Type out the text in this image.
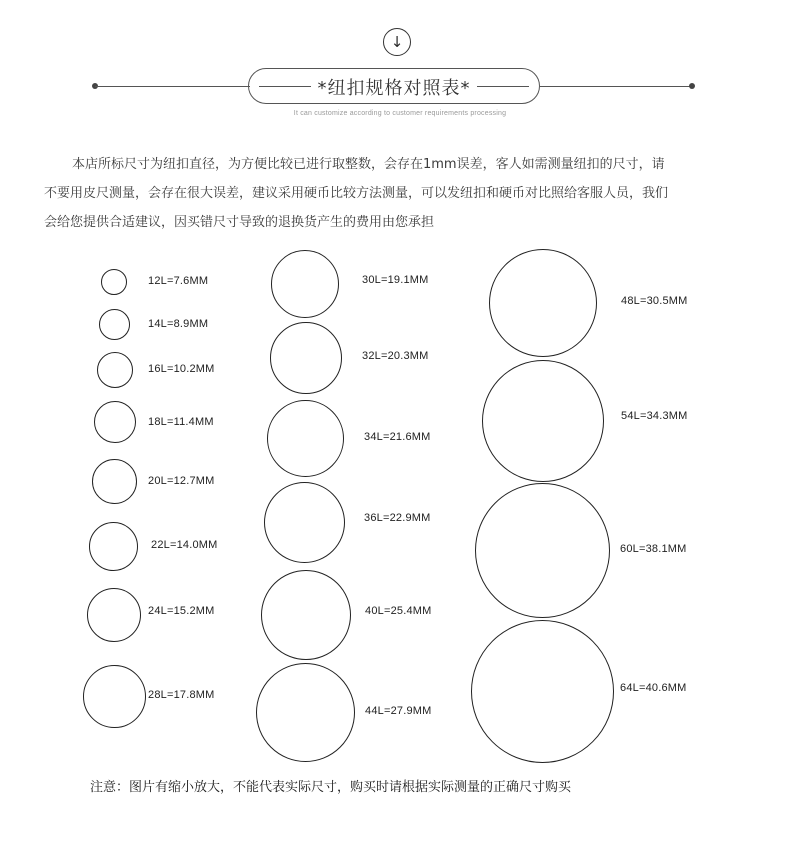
↓
*纽扣规格对照表*
It can customize according to customer requirements processing
本店所标尺寸为纽扣直径，为方便比较已进行取整数，会存在1mm误差，客人如需测量纽扣的尺寸，请
不要用皮尺测量，会存在很大误差，建议采用硬币比较方法测量，可以发纽扣和硬币对比照给客服人员，我们
会给您提供合适建议，因买错尺寸导致的退换货产生的费用由您承担
12L=7.6MM
14L=8.9MM
16L=10.2MM
18L=11.4MM
20L=12.7MM
22L=14.0MM
24L=15.2MM
28L=17.8MM
30L=19.1MM
32L=20.3MM
34L=21.6MM
36L=22.9MM
40L=25.4MM
44L=27.9MM
48L=30.5MM
54L=34.3MM
60L=38.1MM
64L=40.6MM
注意：图片有缩小放大，不能代表实际尺寸，购买时请根据实际测量的正确尺寸购买
